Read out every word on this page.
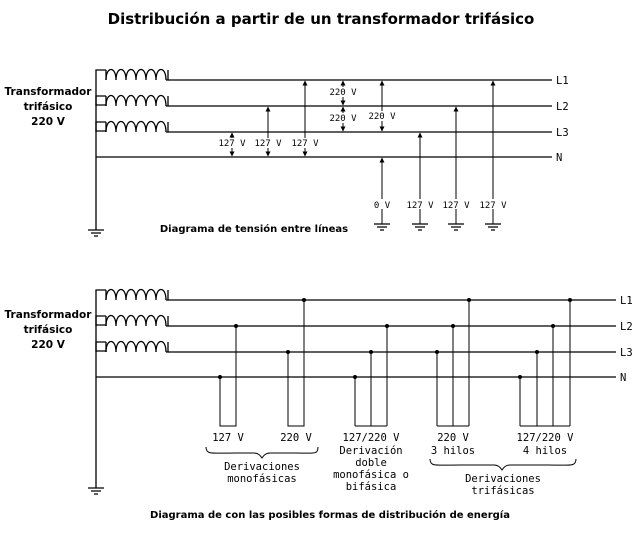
Distribución a partir de un transformador trifásico
Transformador
trifásico
220 V
L1
L2
L3
N
127 V 127 V 127 V
220 V
220 V 220 V
0 V 127 V 127 V 127 V
Diagrama de tensión entre líneas
Transformador
trifásico
220 V
L1
L2
L3
N
127 V	220 V
Derivaciones
monofásicas
127/220 V
Derivación
doble
monofásica o
bifásica
220 V	127/220 V
3 hilos	4 hilos
Derivaciones
trifásicas
Diagrama de con las posibles formas de distribución de energía
